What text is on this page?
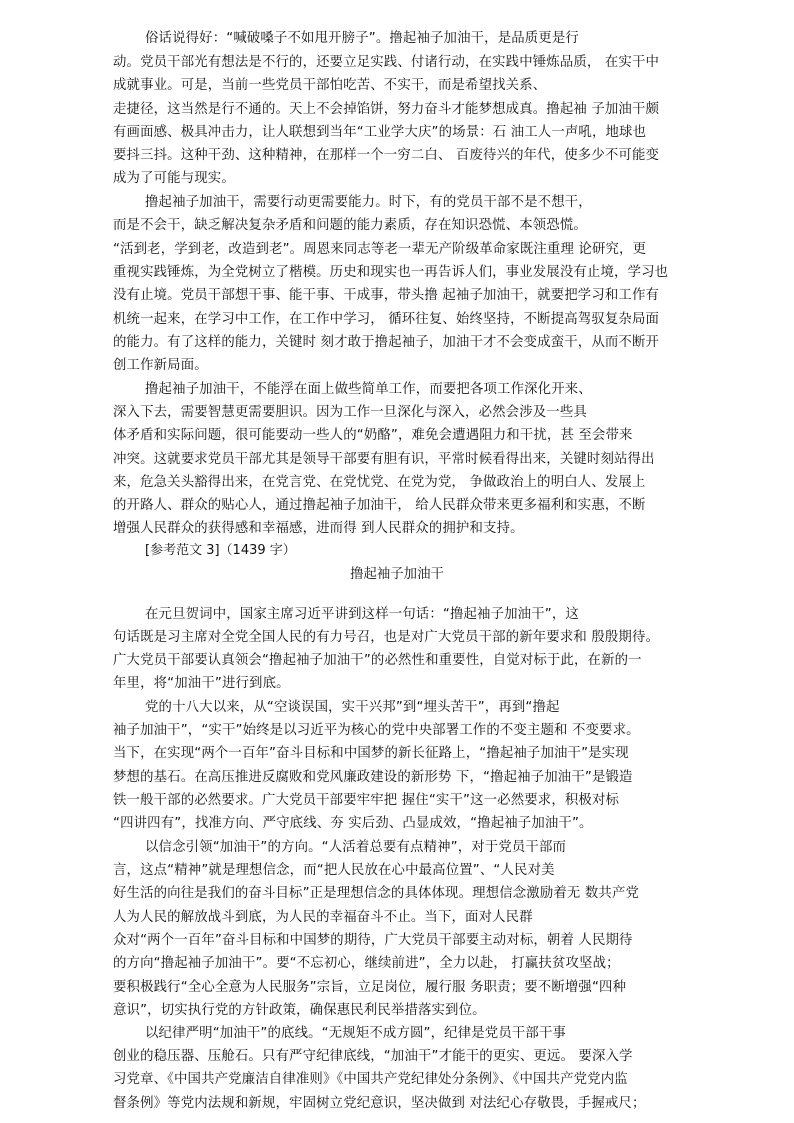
俗话说得好：“喊破嗓子不如甩开膀子”。撸起袖子加油干，是品质更是行
动。党员干部光有想法是不行的，还要立足实践、付诸行动，在实践中锤炼品质， 在实干中
成就事业。可是，当前一些党员干部怕吃苦、不实干，而是希望找关系、
走捷径，这当然是行不通的。天上不会掉馅饼，努力奋斗才能梦想成真。撸起袖 子加油干颇
有画面感、极具冲击力，让人联想到当年“工业学大庆”的场景：石 油工人一声吼，地球也
要抖三抖。这种干劲、这种精神，在那样一个一穷二白、 百废待兴的年代，使多少不可能变
成为了可能与现实。
撸起袖子加油干，需要行动更需要能力。时下，有的党员干部不是不想干，
而是不会干，缺乏解决复杂矛盾和问题的能力素质，存在知识恐慌、本领恐慌。
“活到老，学到老，改造到老”。周恩来同志等老一辈无产阶级革命家既注重理 论研究，更
重视实践锤炼，为全党树立了楷模。历史和现实也一再告诉人们，事业发展没有止境，学习也
没有止境。党员干部想干事、能干事、干成事，带头撸 起袖子加油干，就要把学习和工作有
机统一起来，在学习中工作，在工作中学习， 循环往复、始终坚持，不断提高驾驭复杂局面
的能力。有了这样的能力，关键时 刻才敢于撸起袖子，加油干才不会变成蛮干，从而不断开
创工作新局面。
撸起袖子加油干，不能浮在面上做些简单工作，而要把各项工作深化开来、
深入下去，需要智慧更需要胆识。因为工作一旦深化与深入，必然会涉及一些具
体矛盾和实际问题，很可能要动一些人的“奶酪”，难免会遭遇阻力和干扰，甚 至会带来
冲突。这就要求党员干部尤其是领导干部要有胆有识，平常时候看得出来，关键时刻站得出
来，危急关头豁得出来，在党言党、在党忧党、在党为党， 争做政治上的明白人、发展上
的开路人、群众的贴心人，通过撸起袖子加油干， 给人民群众带来更多福利和实惠，不断
增强人民群众的获得感和幸福感，进而得 到人民群众的拥护和支持。
[参考范文 3]（1439 字）
撸起袖子加油干
在元旦贺词中，国家主席习近平讲到这样一句话：“撸起袖子加油干”，这
句话既是习主席对全党全国人民的有力号召，也是对广大党员干部的新年要求和 殷殷期待。
广大党员干部要认真领会“撸起袖子加油干”的必然性和重要性，自觉对标于此，在新的一
年里，将“加油干”进行到底。
党的十八大以来，从“空谈误国，实干兴邦”到“埋头苦干”，再到“撸起
袖子加油干”，“实干”始终是以习近平为核心的党中央部署工作的不变主题和 不变要求。
当下，在实现“两个一百年”奋斗目标和中国梦的新长征路上，“撸起袖子加油干”是实现
梦想的基石。在高压推进反腐败和党风廉政建设的新形势 下，“撸起袖子加油干”是锻造
铁一般干部的必然要求。广大党员干部要牢牢把 握住“实干”这一必然要求，积极对标
“四讲四有”，找准方向、严守底线、夯 实后劲、凸显成效，“撸起袖子加油干”。
以信念引领“加油干”的方向。“人活着总要有点精神”，对于党员干部而
言，这点“精神”就是理想信念，而“把人民放在心中最高位置”、“人民对美
好生活的向往是我们的奋斗目标”正是理想信念的具体体现。理想信念激励着无 数共产党
人为人民的解放战斗到底，为人民的幸福奋斗不止。当下，面对人民群
众对“两个一百年”奋斗目标和中国梦的期待，广大党员干部要主动对标，朝着 人民期待
的方向“撸起袖子加油干”。要“不忘初心，继续前进”，全力以赴， 打赢扶贫攻坚战；
要积极践行“全心全意为人民服务”宗旨，立足岗位，履行服 务职责；要不断增强“四种
意识”，切实执行党的方针政策，确保惠民利民举措落实到位。
以纪律严明“加油干”的底线。“无规矩不成方圆”，纪律是党员干部干事
创业的稳压器、压舱石。只有严守纪律底线，“加油干”才能干的更实、更远。 要深入学
习党章、《中国共产党廉洁自律准则》《中国共产党纪律处分条例》、《中国共产党党内监
督条例》等党内法规和新规，牢固树立党纪意识，坚决做到 对法纪心存敬畏，手握戒尺；
